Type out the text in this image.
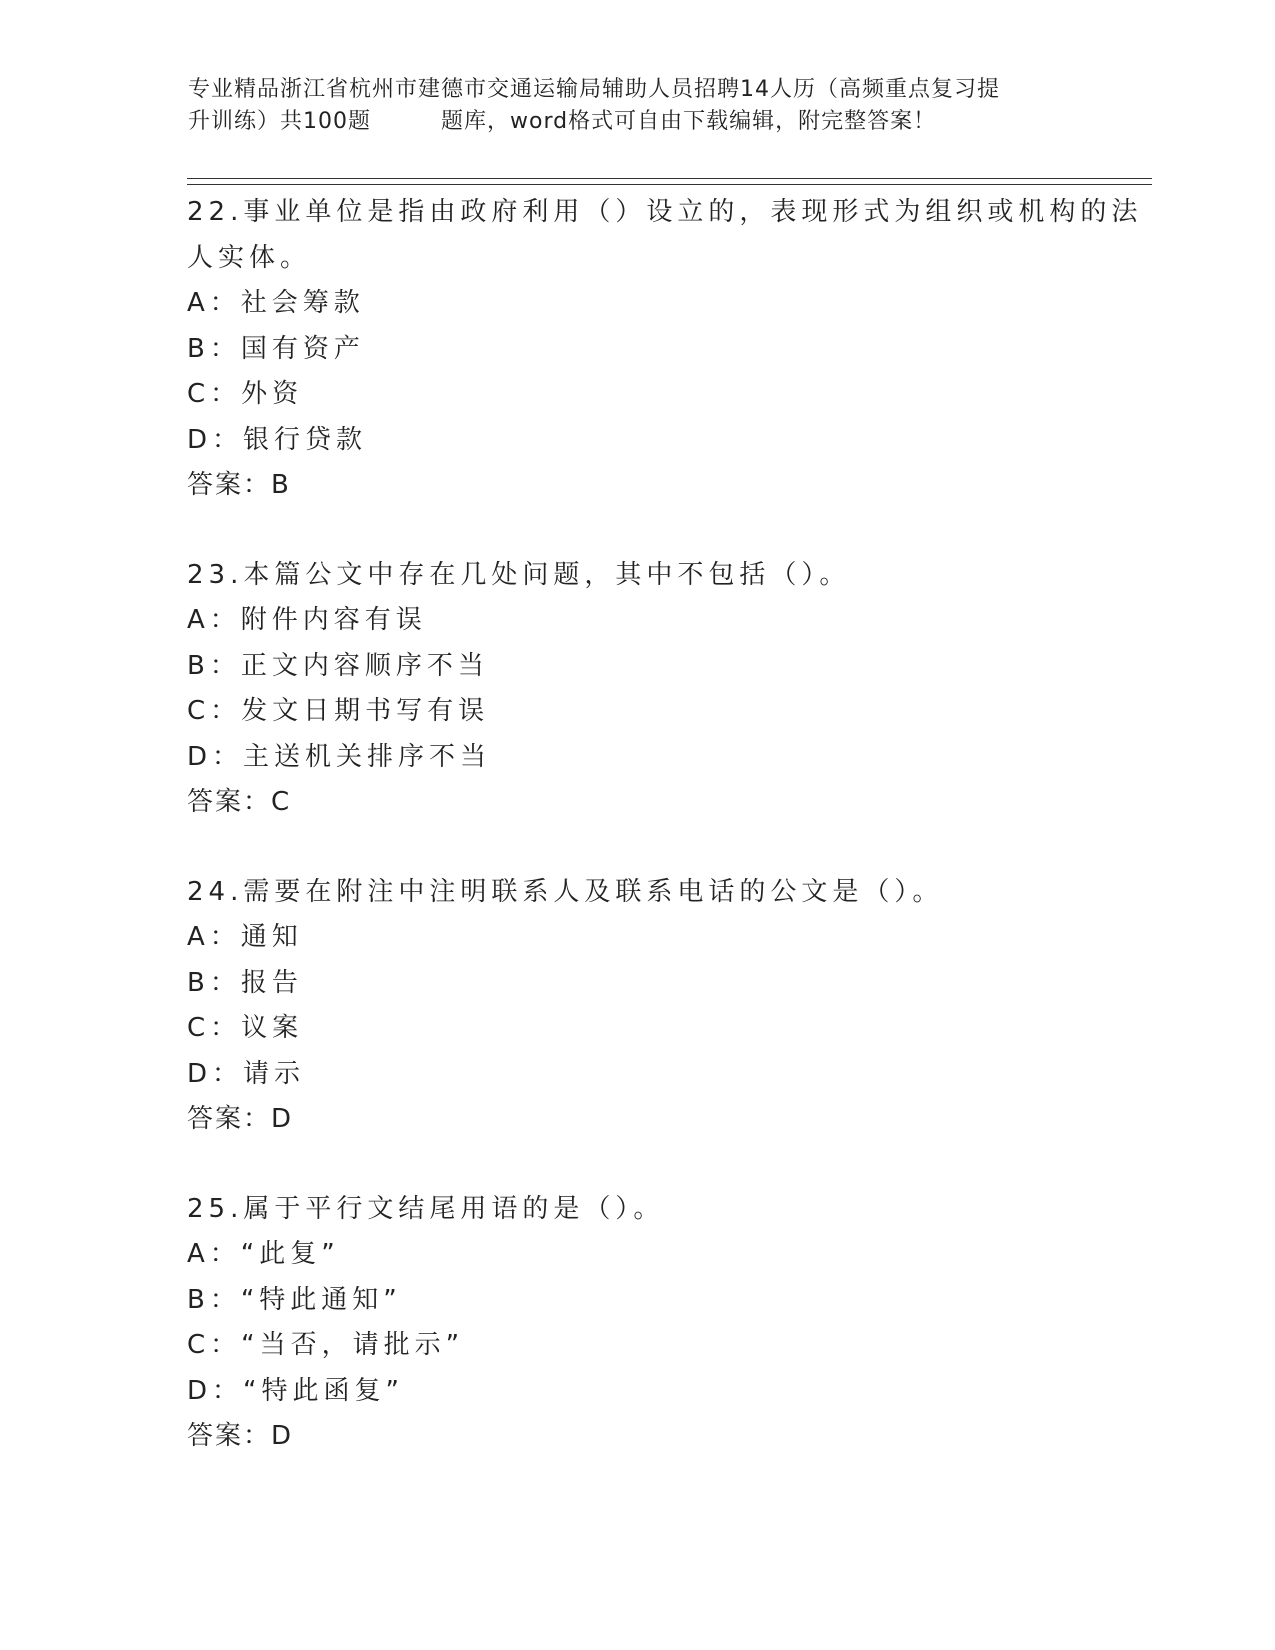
专业精品浙江省杭州市建德市交通运输局辅助人员招聘14人历（高频重点复习提
升训练）共100题	题库，word格式可自由下载编辑，附完整答案！
22.事业单位是指由政府利用（）设立的，表现形式为组织或机构的法
人实体。
A：社会筹款
B：国有资产
C：外资
D：银行贷款
答案：B
23.本篇公文中存在几处问题，其中不包括（）。
A：附件内容有误
B：正文内容顺序不当
C：发文日期书写有误
D：主送机关排序不当
答案：C
24.需要在附注中注明联系人及联系电话的公文是（）。
A：通知
B：报告
C：议案
D：请示
答案：D
25.属于平行文结尾用语的是（）。
A：“此复”
B：“特此通知”
C：“当否，请批示”
D：“特此函复”
答案：D
